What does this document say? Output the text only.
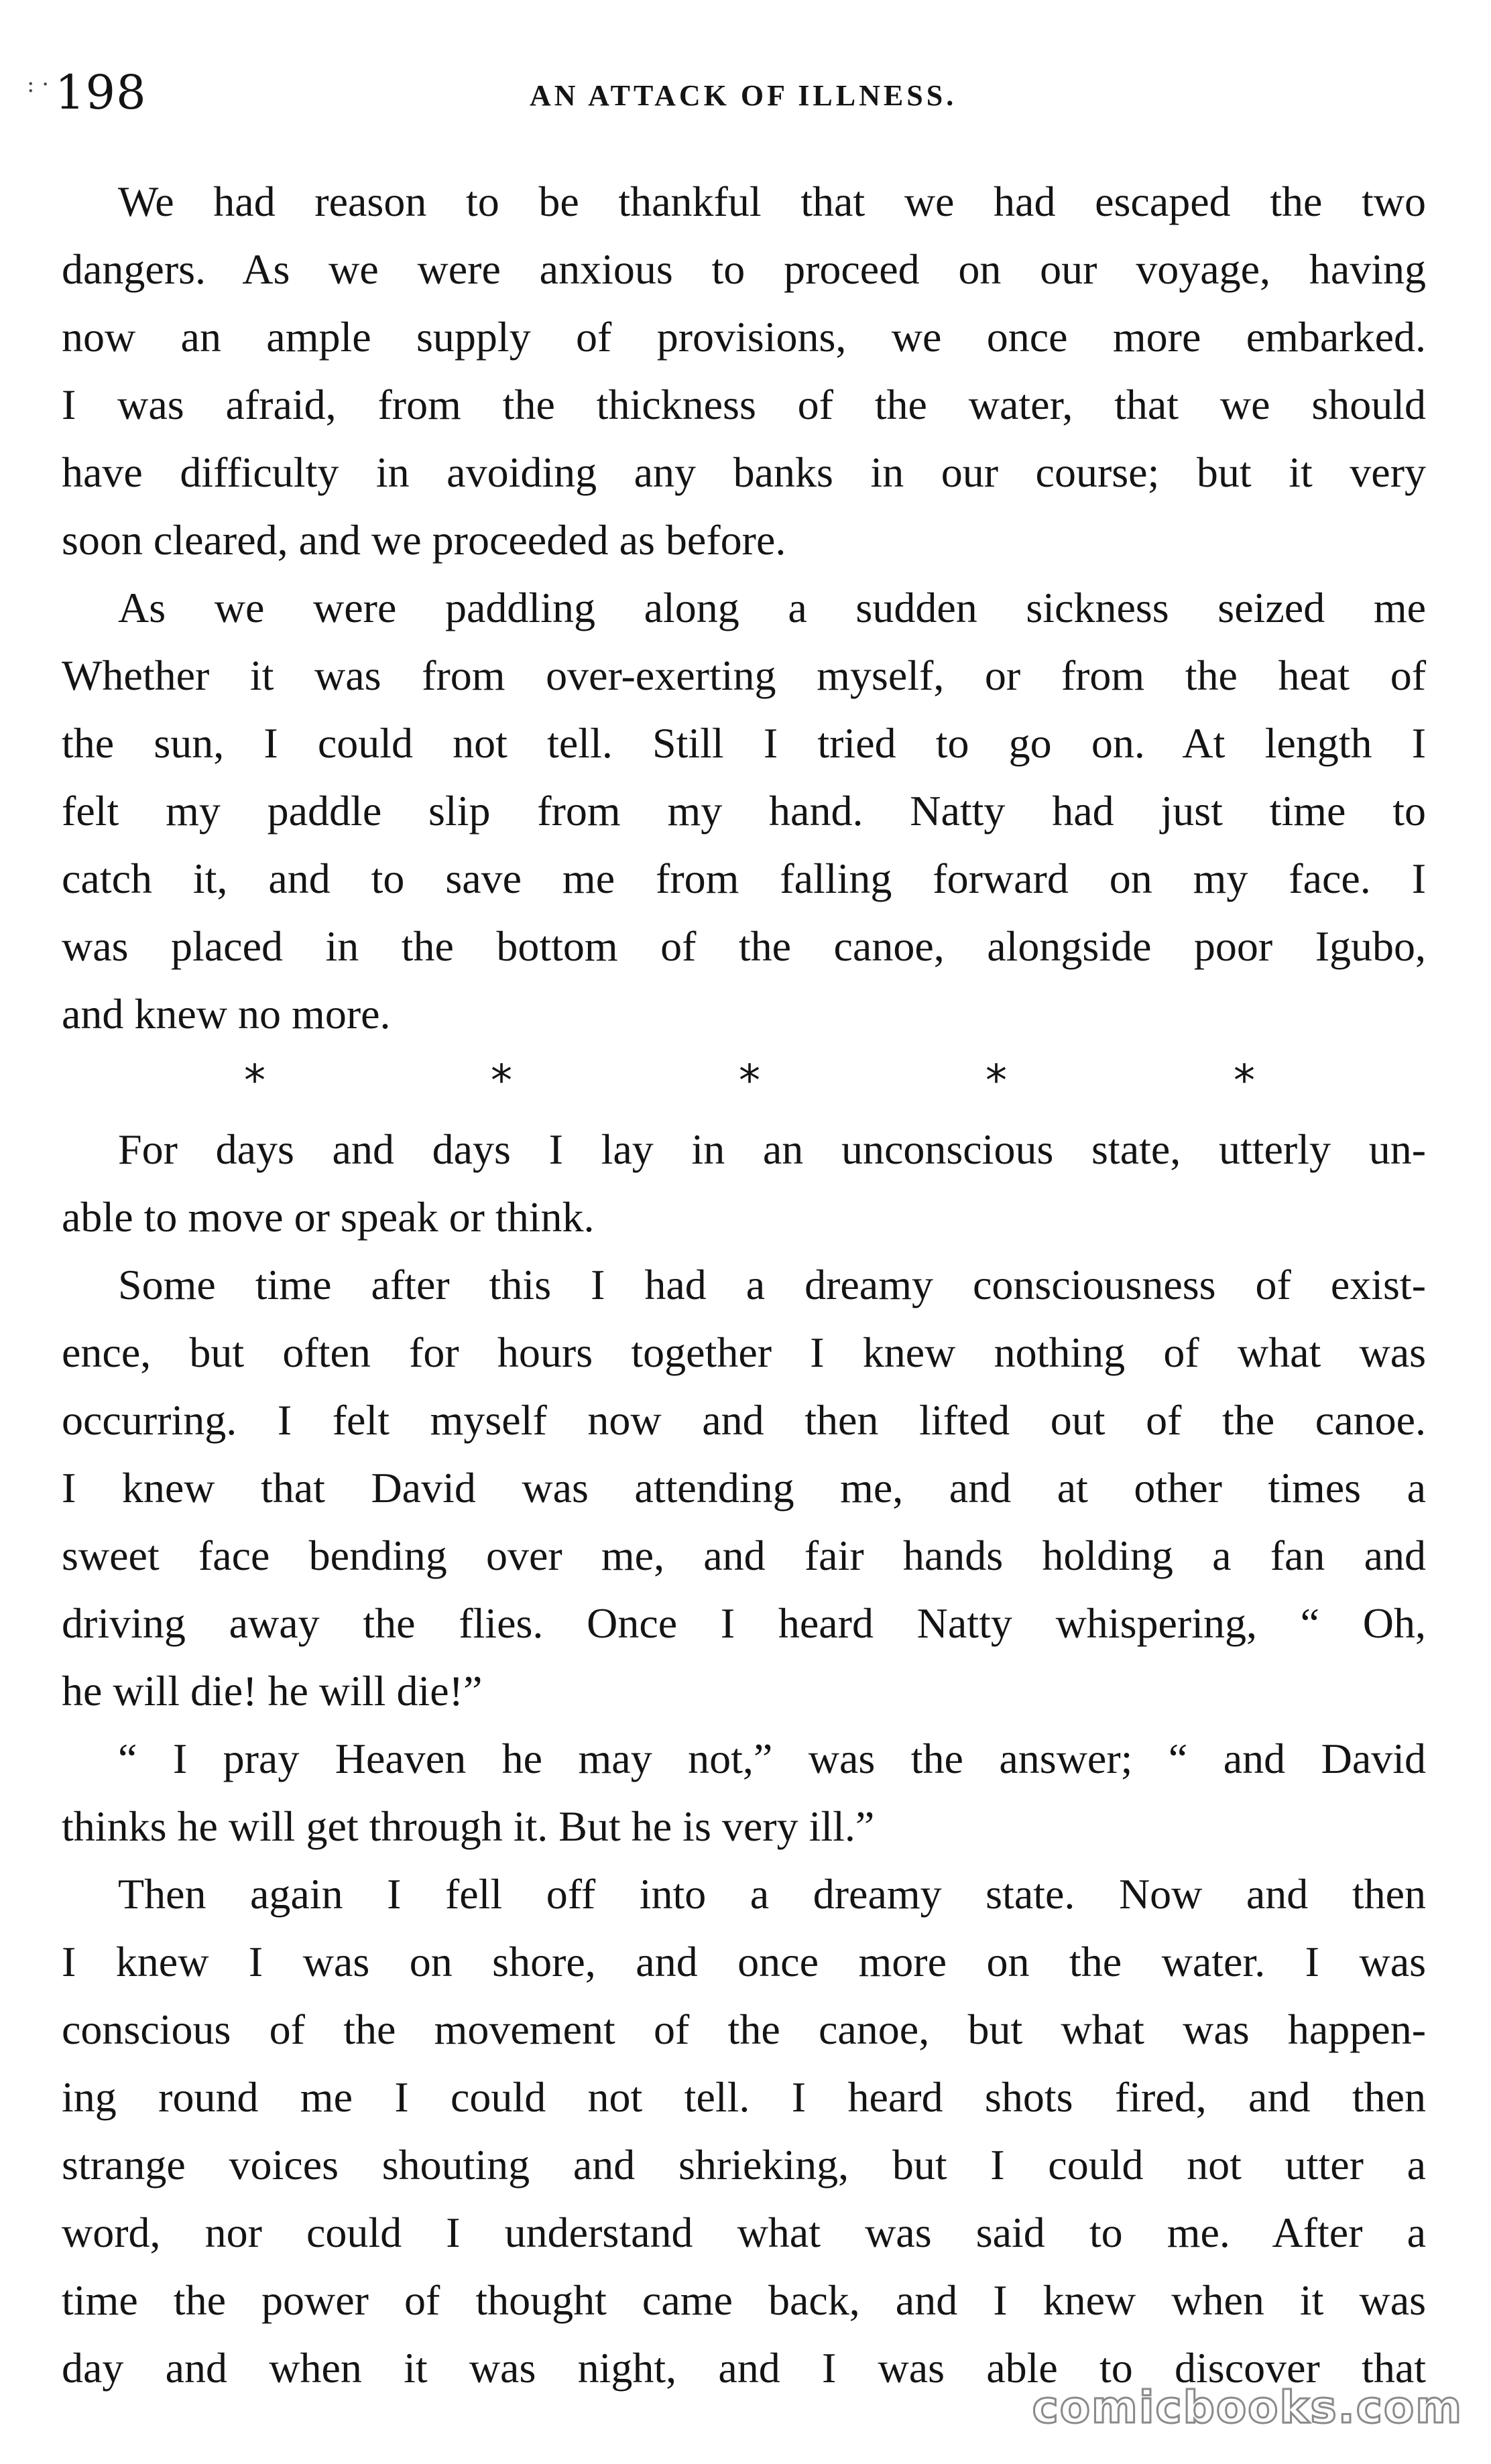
: · 198	AN ATTACK OF ILLNESS.
We had reason to be thankful that we had escaped the two
dangers. As we were anxious to proceed on our voyage, having
now an ample supply of provisions, we once more embarked.
I was afraid, from the thickness of the water, that we should
have difficulty in avoiding any banks in our course; but it very
soon cleared, and we proceeded as before.
As we were paddling along a sudden sickness seized me
Whether it was from over-exerting myself, or from the heat of
the sun, I could not tell. Still I tried to go on. At length I
felt my paddle slip from my hand. Natty had just time to
catch it, and to save me from falling forward on my face. I
was placed in the bottom of the canoe, alongside poor Igubo,
and knew no more.
*	*	*	*	*
For days and days I lay in an unconscious state, utterly un-
able to move or speak or think.
Some time after this I had a dreamy consciousness of exist-
ence, but often for hours together I knew nothing of what was
occurring. I felt myself now and then lifted out of the canoe.
I knew that David was attending me, and at other times a
sweet face bending over me, and fair hands holding a fan and
driving away the flies. Once I heard Natty whispering, “ Oh,
he will die! he will die!”
“ I pray Heaven he may not,” was the answer; “ and David
thinks he will get through it. But he is very ill.”
Then again I fell off into a dreamy state. Now and then
I knew I was on shore, and once more on the water. I was
conscious of the movement of the canoe, but what was happen-
ing round me I could not tell. I heard shots fired, and then
strange voices shouting and shrieking, but I could not utter a
word, nor could I understand what was said to me. After a
time the power of thought came back, and I knew when it was
day and when it was night, and I was able to discover that
comicbooks.com
